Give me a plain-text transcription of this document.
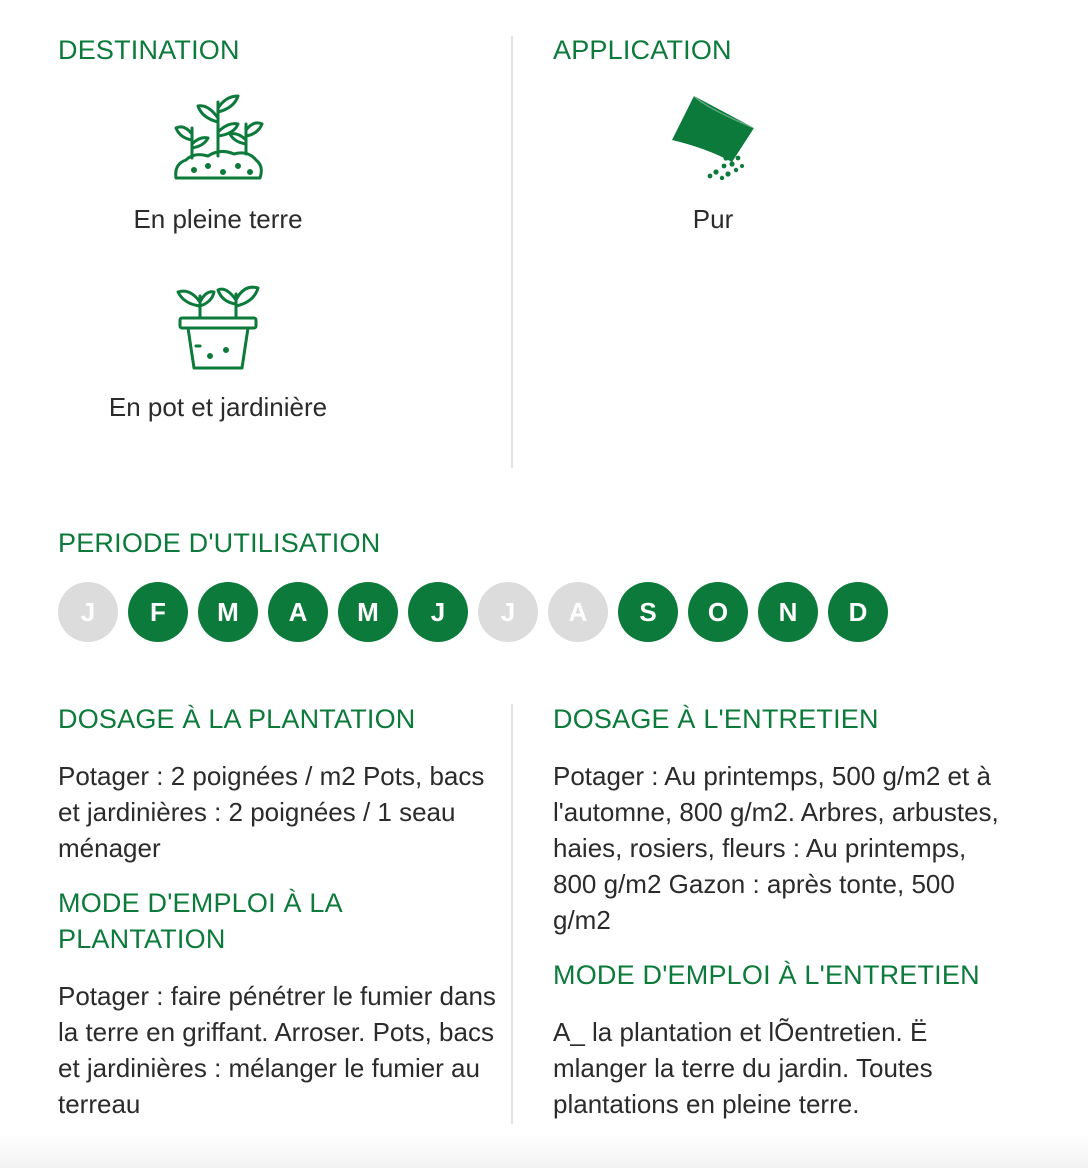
DESTINATION	APPLICATION
En pleine terre
En pot et jardinière
Pur
PERIODE D'UTILISATION
J	F	M	A	M	J	J	A	S	O	N	D
DOSAGE À LA PLANTATION

Potager : 2 poignées / m2 Pots, bacs et jardinières : 2 poignées / 1 seau ménager

MODE D'EMPLOI À LA PLANTATION

Potager : faire pénétrer le fumier dans la terre en griffant. Arroser. Pots, bacs et jardinières : mélanger le fumier au terreau

DOSAGE À L'ENTRETIEN

Potager : Au printemps, 500 g/m2 et à l'automne, 800 g/m2. Arbres, arbustes, haies, rosiers, fleurs : Au printemps, 800 g/m2 Gazon : après tonte, 500 g/m2

MODE D'EMPLOI À L'ENTRETIEN

A_ la plantation et lÕentretien. Ë mlanger la terre du jardin. Toutes plantations en pleine terre.
